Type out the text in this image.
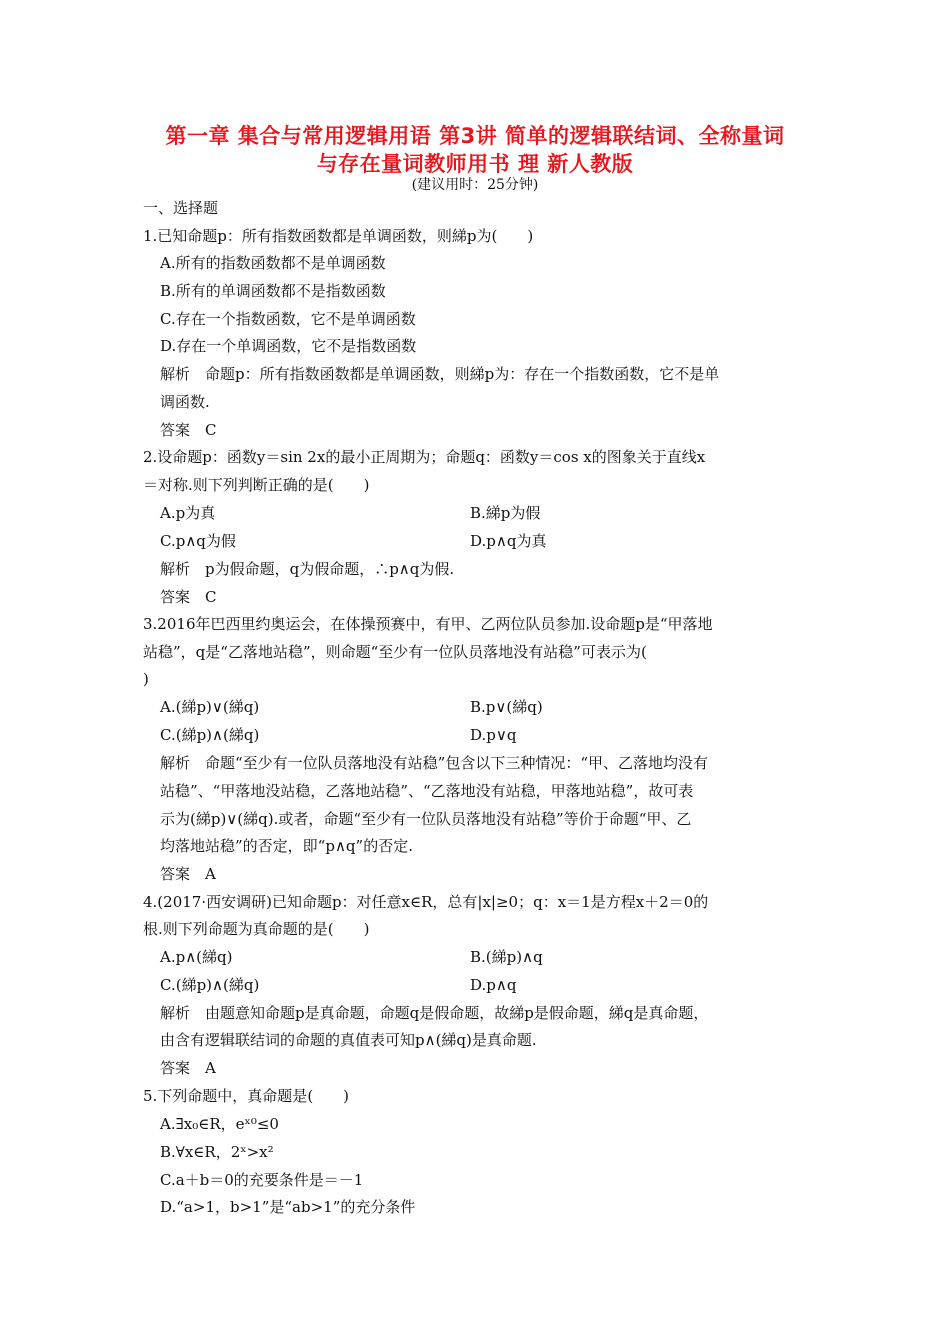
第一章 集合与常用逻辑用语 第3讲 简单的逻辑联结词、全称量词
与存在量词教师用书 理 新人教版
(建议用时：25分钟)
一、选择题
1.已知命题p：所有指数函数都是单调函数，则綈p为(　　)
A.所有的指数函数都不是单调函数
B.所有的单调函数都不是指数函数
C.存在一个指数函数，它不是单调函数
D.存在一个单调函数，它不是指数函数
解析　命题p：所有指数函数都是单调函数，则綈p为：存在一个指数函数，它不是单
调函数.
答案　C
2.设命题p：函数y＝sin 2x的最小正周期为；命题q：函数y＝cos x的图象关于直线x
＝对称.则下列判断正确的是(　　)
A.p为真	B.綈p为假
C.p∧q为假	D.p∧q为真
解析　p为假命题，q为假命题，∴p∧q为假.
答案　C
3.2016年巴西里约奥运会，在体操预赛中，有甲、乙两位队员参加.设命题p是“甲落地
站稳”，q是“乙落地站稳”，则命题“至少有一位队员落地没有站稳”可表示为(
)
A.(綈p)∨(綈q)	B.p∨(綈q)
C.(綈p)∧(綈q)	D.p∨q
解析　命题“至少有一位队员落地没有站稳”包含以下三种情况：“甲、乙落地均没有
站稳”、“甲落地没站稳，乙落地站稳”、“乙落地没有站稳，甲落地站稳”，故可表
示为(綈p)∨(綈q).或者，命题“至少有一位队员落地没有站稳”等价于命题“甲、乙
均落地站稳”的否定，即“p∧q”的否定.
答案　A
4.(2017·西安调研)已知命题p：对任意x∈R，总有|x|≥0；q：x＝1是方程x＋2＝0的
根.则下列命题为真命题的是(　　)
A.p∧(綈q)	B.(綈p)∧q
C.(綈p)∧(綈q)	D.p∧q
解析　由题意知命题p是真命题，命题q是假命题，故綈p是假命题，綈q是真命题，
由含有逻辑联结词的命题的真值表可知p∧(綈q)是真命题.
答案　A
5.下列命题中，真命题是(　　)
A.∃x₀∈R，eˣ⁰≤0
B.∀x∈R，2ˣ>x²
C.a＋b＝0的充要条件是＝－1
D.“a>1，b>1”是“ab>1”的充分条件
